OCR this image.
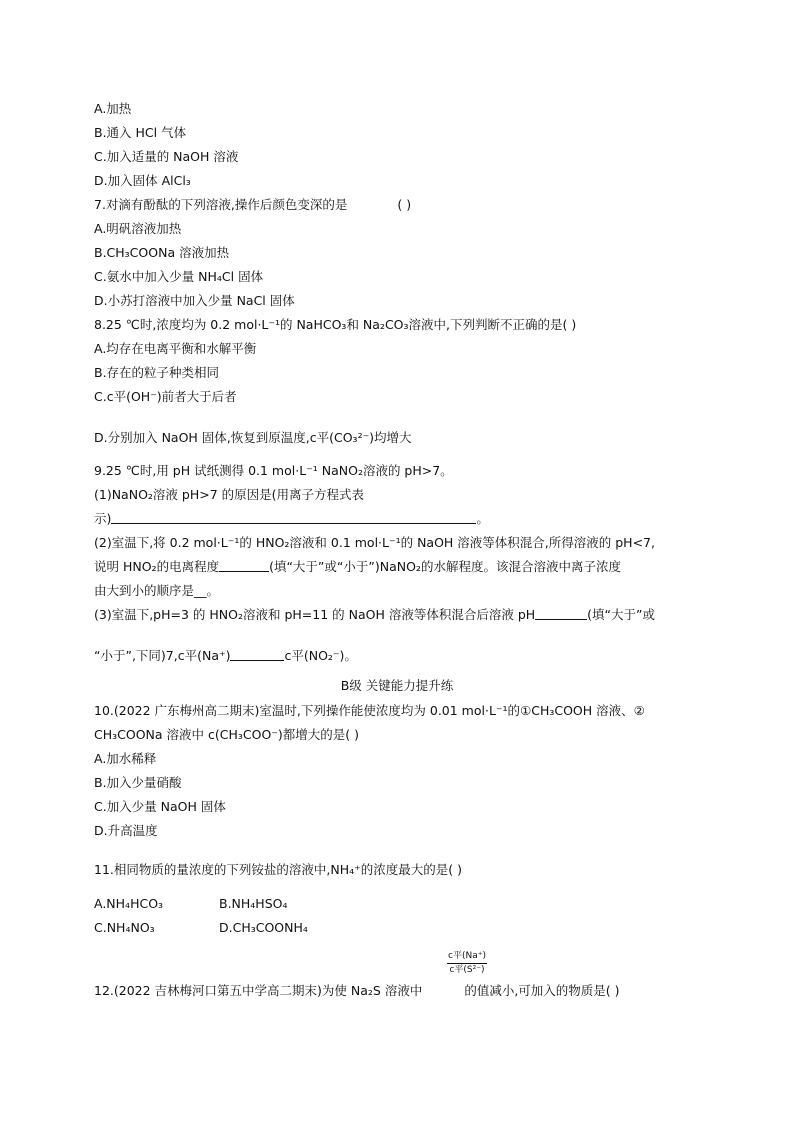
A.加热
B.通入 HCl 气体
C.加入适量的 NaOH 溶液
D.加入固体 AlCl₃
7.对滴有酚酞的下列溶液,操作后颜色变深的是	( )
A.明矾溶液加热
B.CH₃COONa 溶液加热
C.氨水中加入少量 NH₄Cl 固体
D.小苏打溶液中加入少量 NaCl 固体
8.25 ℃时,浓度均为 0.2 mol·L⁻¹的 NaHCO₃和 Na₂CO₃溶液中,下列判断不正确的是( )
A.均存在电离平衡和水解平衡
B.存在的粒子种类相同
C.c平(OH⁻)前者大于后者
D.分别加入 NaOH 固体,恢复到原温度,c平(CO₃²⁻)均增大
9.25 ℃时,用 pH 试纸测得 0.1 mol·L⁻¹ NaNO₂溶液的 pH>7。
(1)NaNO₂溶液 pH>7 的原因是(用离子方程式表
示)	。
(2)室温下,将 0.2 mol·L⁻¹的 HNO₂溶液和 0.1 mol·L⁻¹的 NaOH 溶液等体积混合,所得溶液的 pH<7,
说明 HNO₂的电离程度	(填“大于”或“小于”)NaNO₂的水解程度。该混合溶液中离子浓度
由大到小的顺序是__。
(3)室温下,pH=3 的 HNO₂溶液和 pH=11 的 NaOH 溶液等体积混合后溶液 pH	(填“大于”或
“小于”,下同)7,c平(Na⁺)	c平(NO₂⁻)。
B级 关键能力提升练
10.(2022 广东梅州高二期末)室温时,下列操作能使浓度均为 0.01 mol·L⁻¹的①CH₃COOH 溶液、②
CH₃COONa 溶液中 c(CH₃COO⁻)都增大的是( )
A.加水稀释
B.加入少量硝酸
C.加入少量 NaOH 固体
D.升高温度
11.相同物质的量浓度的下列铵盐的溶液中,NH₄⁺的浓度最大的是( )
A.NH₄HCO₃	B.NH₄HSO₄
C.NH₄NO₃	D.CH₃COONH₄
c平(Na⁺)
c平(S²⁻)
12.(2022 吉林梅河口第五中学高二期末)为使 Na₂S 溶液中	的值减小,可加入的物质是( )
